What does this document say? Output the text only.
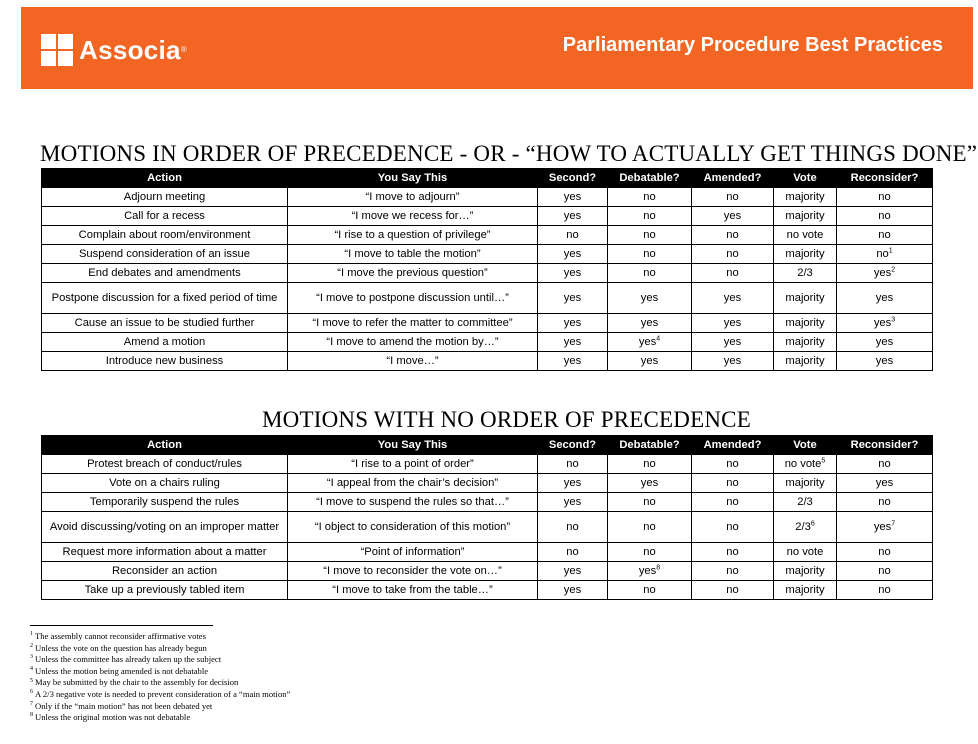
Associa ®	Parliamentary Procedure Best Practices
MOTIONS IN ORDER OF PRECEDENCE - OR - “HOW TO ACTUALLY GET THINGS DONE”
Action	You Say This	Second?	Debatable?	Amended?	Vote	Reconsider?
Adjourn meeting	“I move to adjourn”	yes	no	no	majority	no
Call for a recess	“I move we recess for…”	yes	no	yes	majority	no
Complain about room/environment	“I rise to a question of privilege”	no	no	no	no vote	no
Suspend consideration of an issue	“I move to table the motion”	yes	no	no	majority	$no^1$
End debates and amendments	“I move the previous question”	yes	no	no	2/3	yes$^2$
Postpone discussion for a fixed period of time	“I move to postpone discussion until…”	yes	yes	yes	majority	yes
Cause an issue to be studied further	“I move to refer the matter to committee”	yes	yes	yes	majority	yes$^3$
Amend a motion	“I move to amend the motion by…”	yes	yes$^4$	yes	majority	yes
Introduce new business	“I move…”	yes	yes	yes	majority	yes
MOTIONS WITH NO ORDER OF PRECEDENCE
Action	You Say This	Second?	Debatable?	Amended?	Vote	Reconsider?
Protest breach of conduct/rules	“I rise to a point of order”	no	no	no	no vote$^5$	no
Vote on a chairs ruling	“I appeal from the chair’s decision”	yes	yes	no	majority	yes
Temporarily suspend the rules	“I move to suspend the rules so that…”	yes	no	no	2/3	no
Avoid discussing/voting on an improper matter	“I object to consideration of this motion”	no	no	no	$2/3^6$	yes$^7$
Request more information about a matter	“Point of information”	no	no	no	no vote	no
Reconsider an action	“I move to reconsider the vote on…”	yes	yes$^8$	no	majority	no
Take up a previously tabled item	“I move to take from the table…”	yes	no	no	majority	no
$^1$ The assembly cannot reconsider affirmative votes
$^2$ Unless the vote on the question has already begun
$^3$ Unless the committee has already taken up the subject
$^4$ Unless the motion being amended is not debatable
$^5$ May be submitted by the chair to the assembly for decision
$^6$ A 2/3 negative vote is needed to prevent consideration of a “main motion”
$^7$ Only if the “main motion” has not been debated yet
$^8$ Unless the original motion was not debatable
